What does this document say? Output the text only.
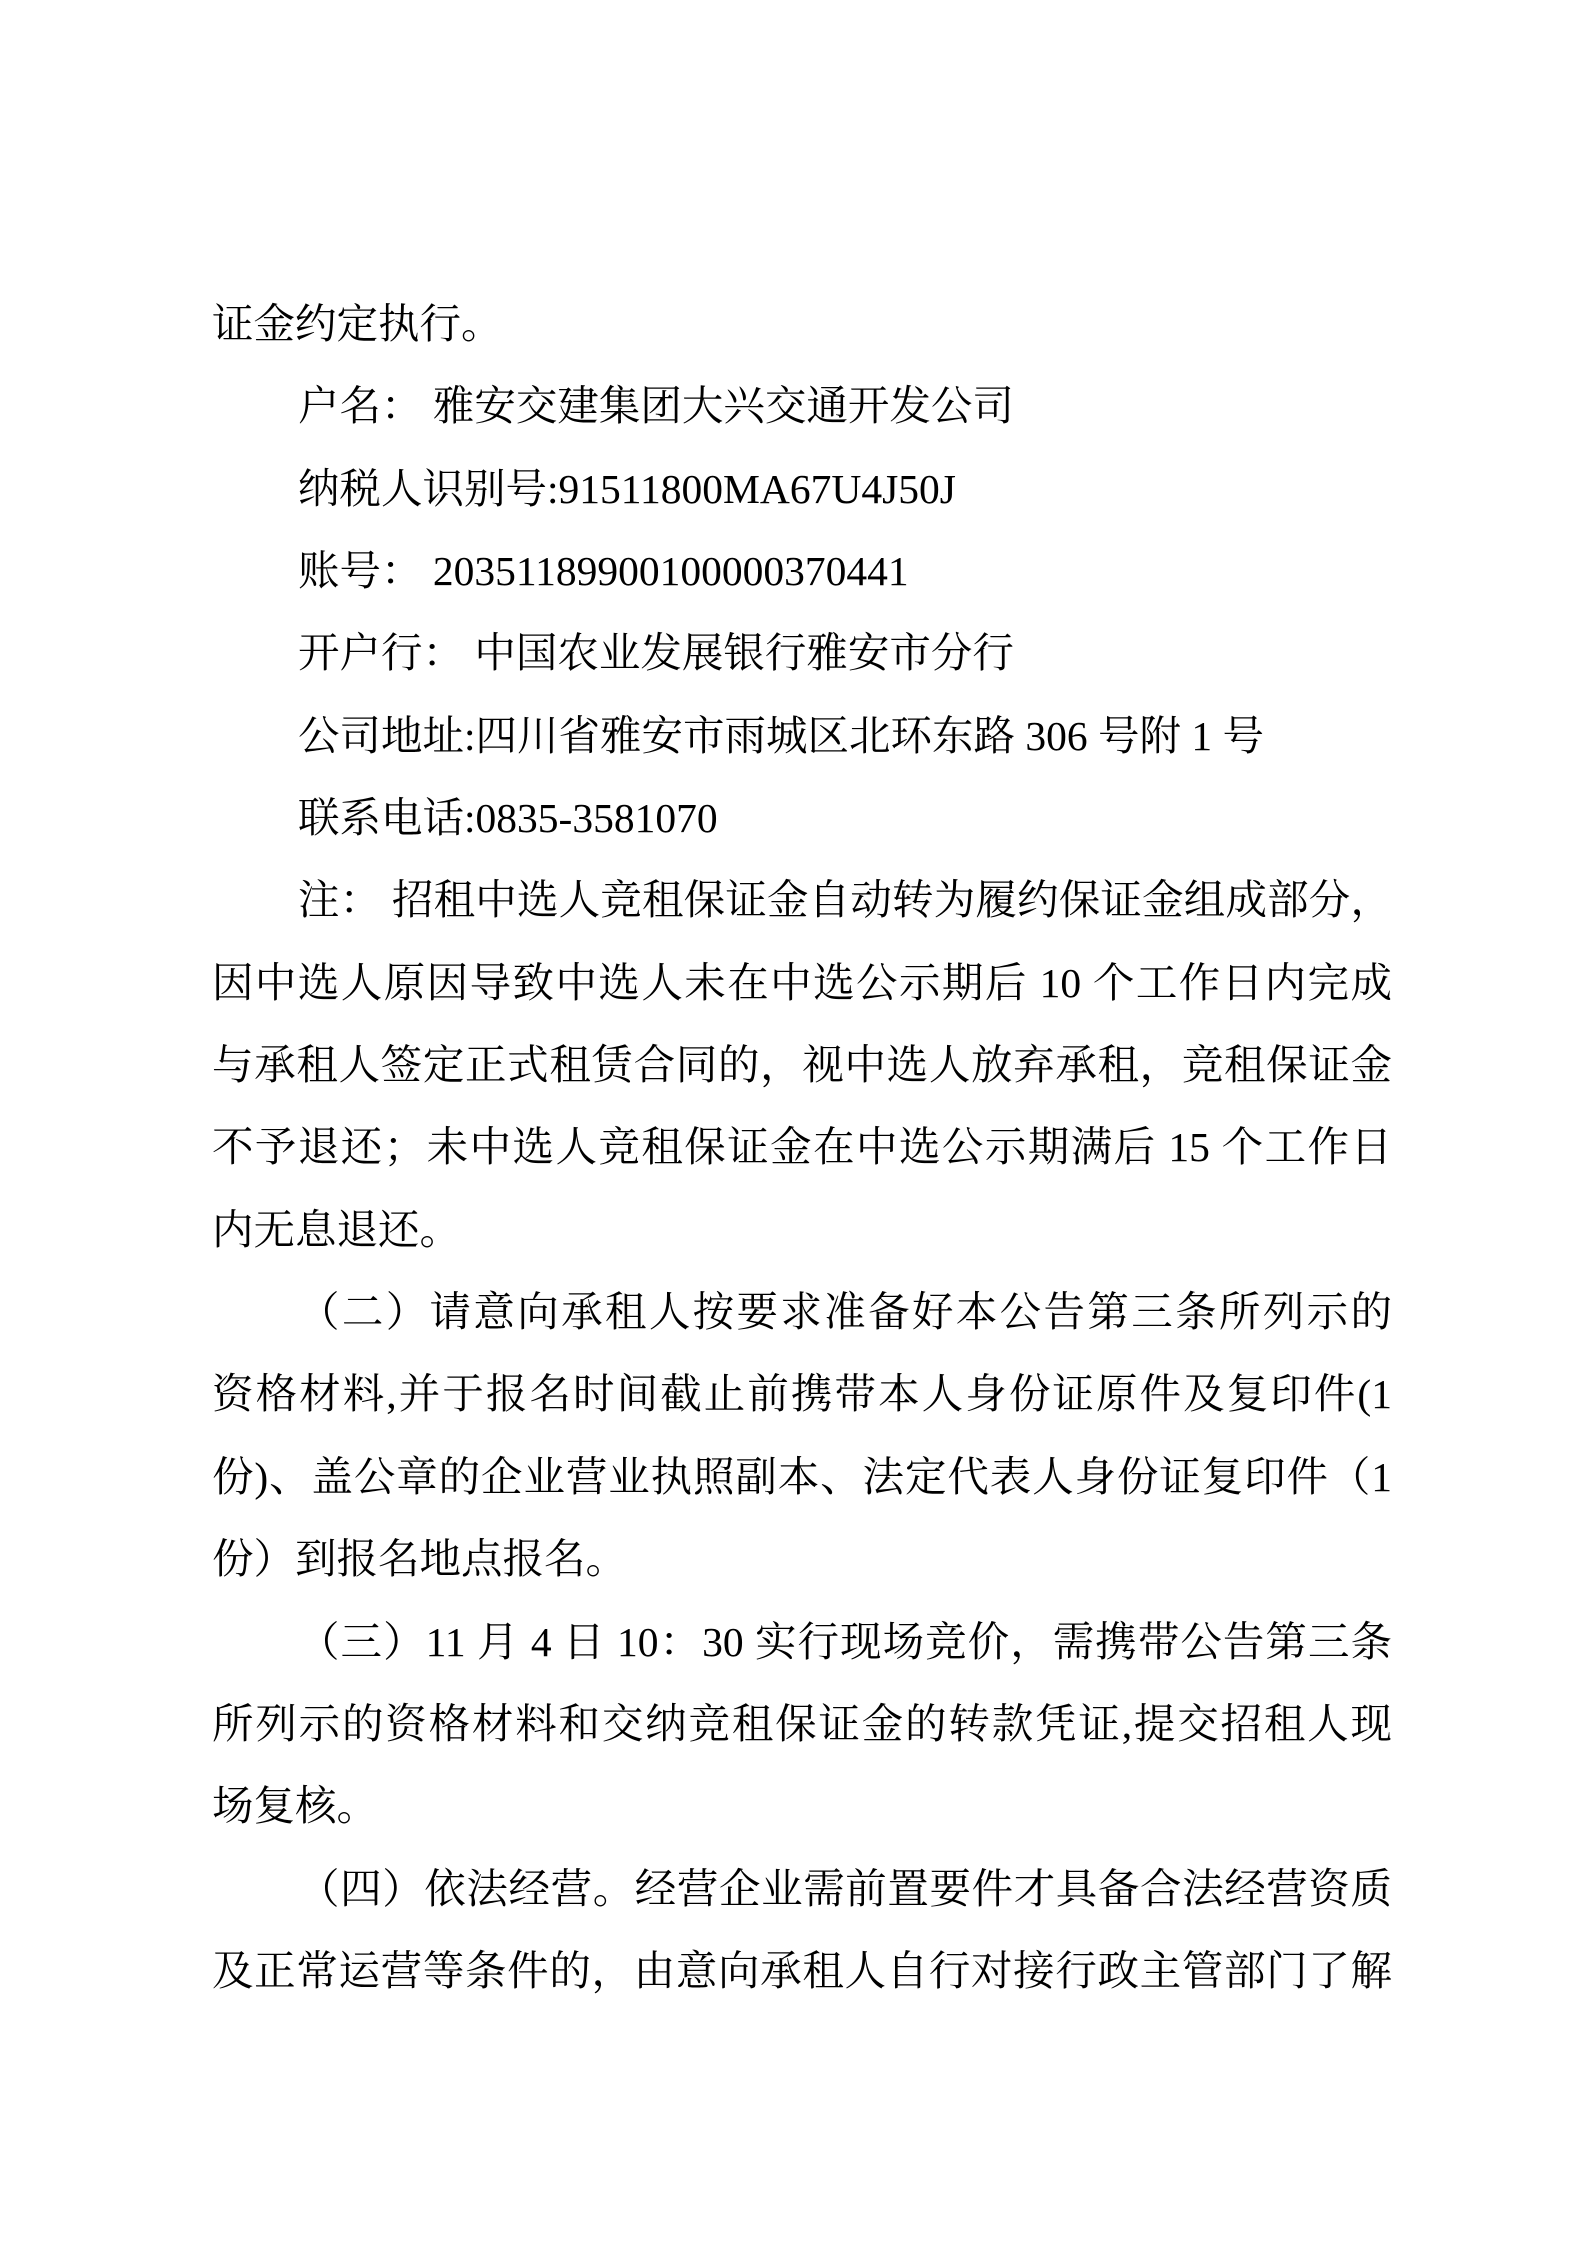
证金约定执行。
户名： 雅安交建集团大兴交通开发公司
纳税人识别号:91511800MA67U4J50J
账号： 20351189900100000370441
开户行： 中国农业发展银行雅安市分行
公司地址:四川省雅安市雨城区北环东路 306 号附 1 号
联系电话:0835-3581070
注： 招租中选人竞租保证金自动转为履约保证金组成部分，
因中选人原因导致中选人未在中选公示期后 10 个工作日内完成
与承租人签定正式租赁合同的，视中选人放弃承租，竞租保证金
不予退还；未中选人竞租保证金在中选公示期满后 15 个工作日
内无息退还。
（二）请意向承租人按要求准备好本公告第三条所列示的
资格材料,并于报名时间截止前携带本人身份证原件及复印件(1
份)、盖公章的企业营业执照副本、法定代表人身份证复印件（1
份）到报名地点报名。
（三）11 月 4 日 10：30 实行现场竞价，需携带公告第三条
所列示的资格材料和交纳竞租保证金的转款凭证,提交招租人现
场复核。
（四）依法经营。经营企业需前置要件才具备合法经营资质
及正常运营等条件的，由意向承租人自行对接行政主管部门了解
